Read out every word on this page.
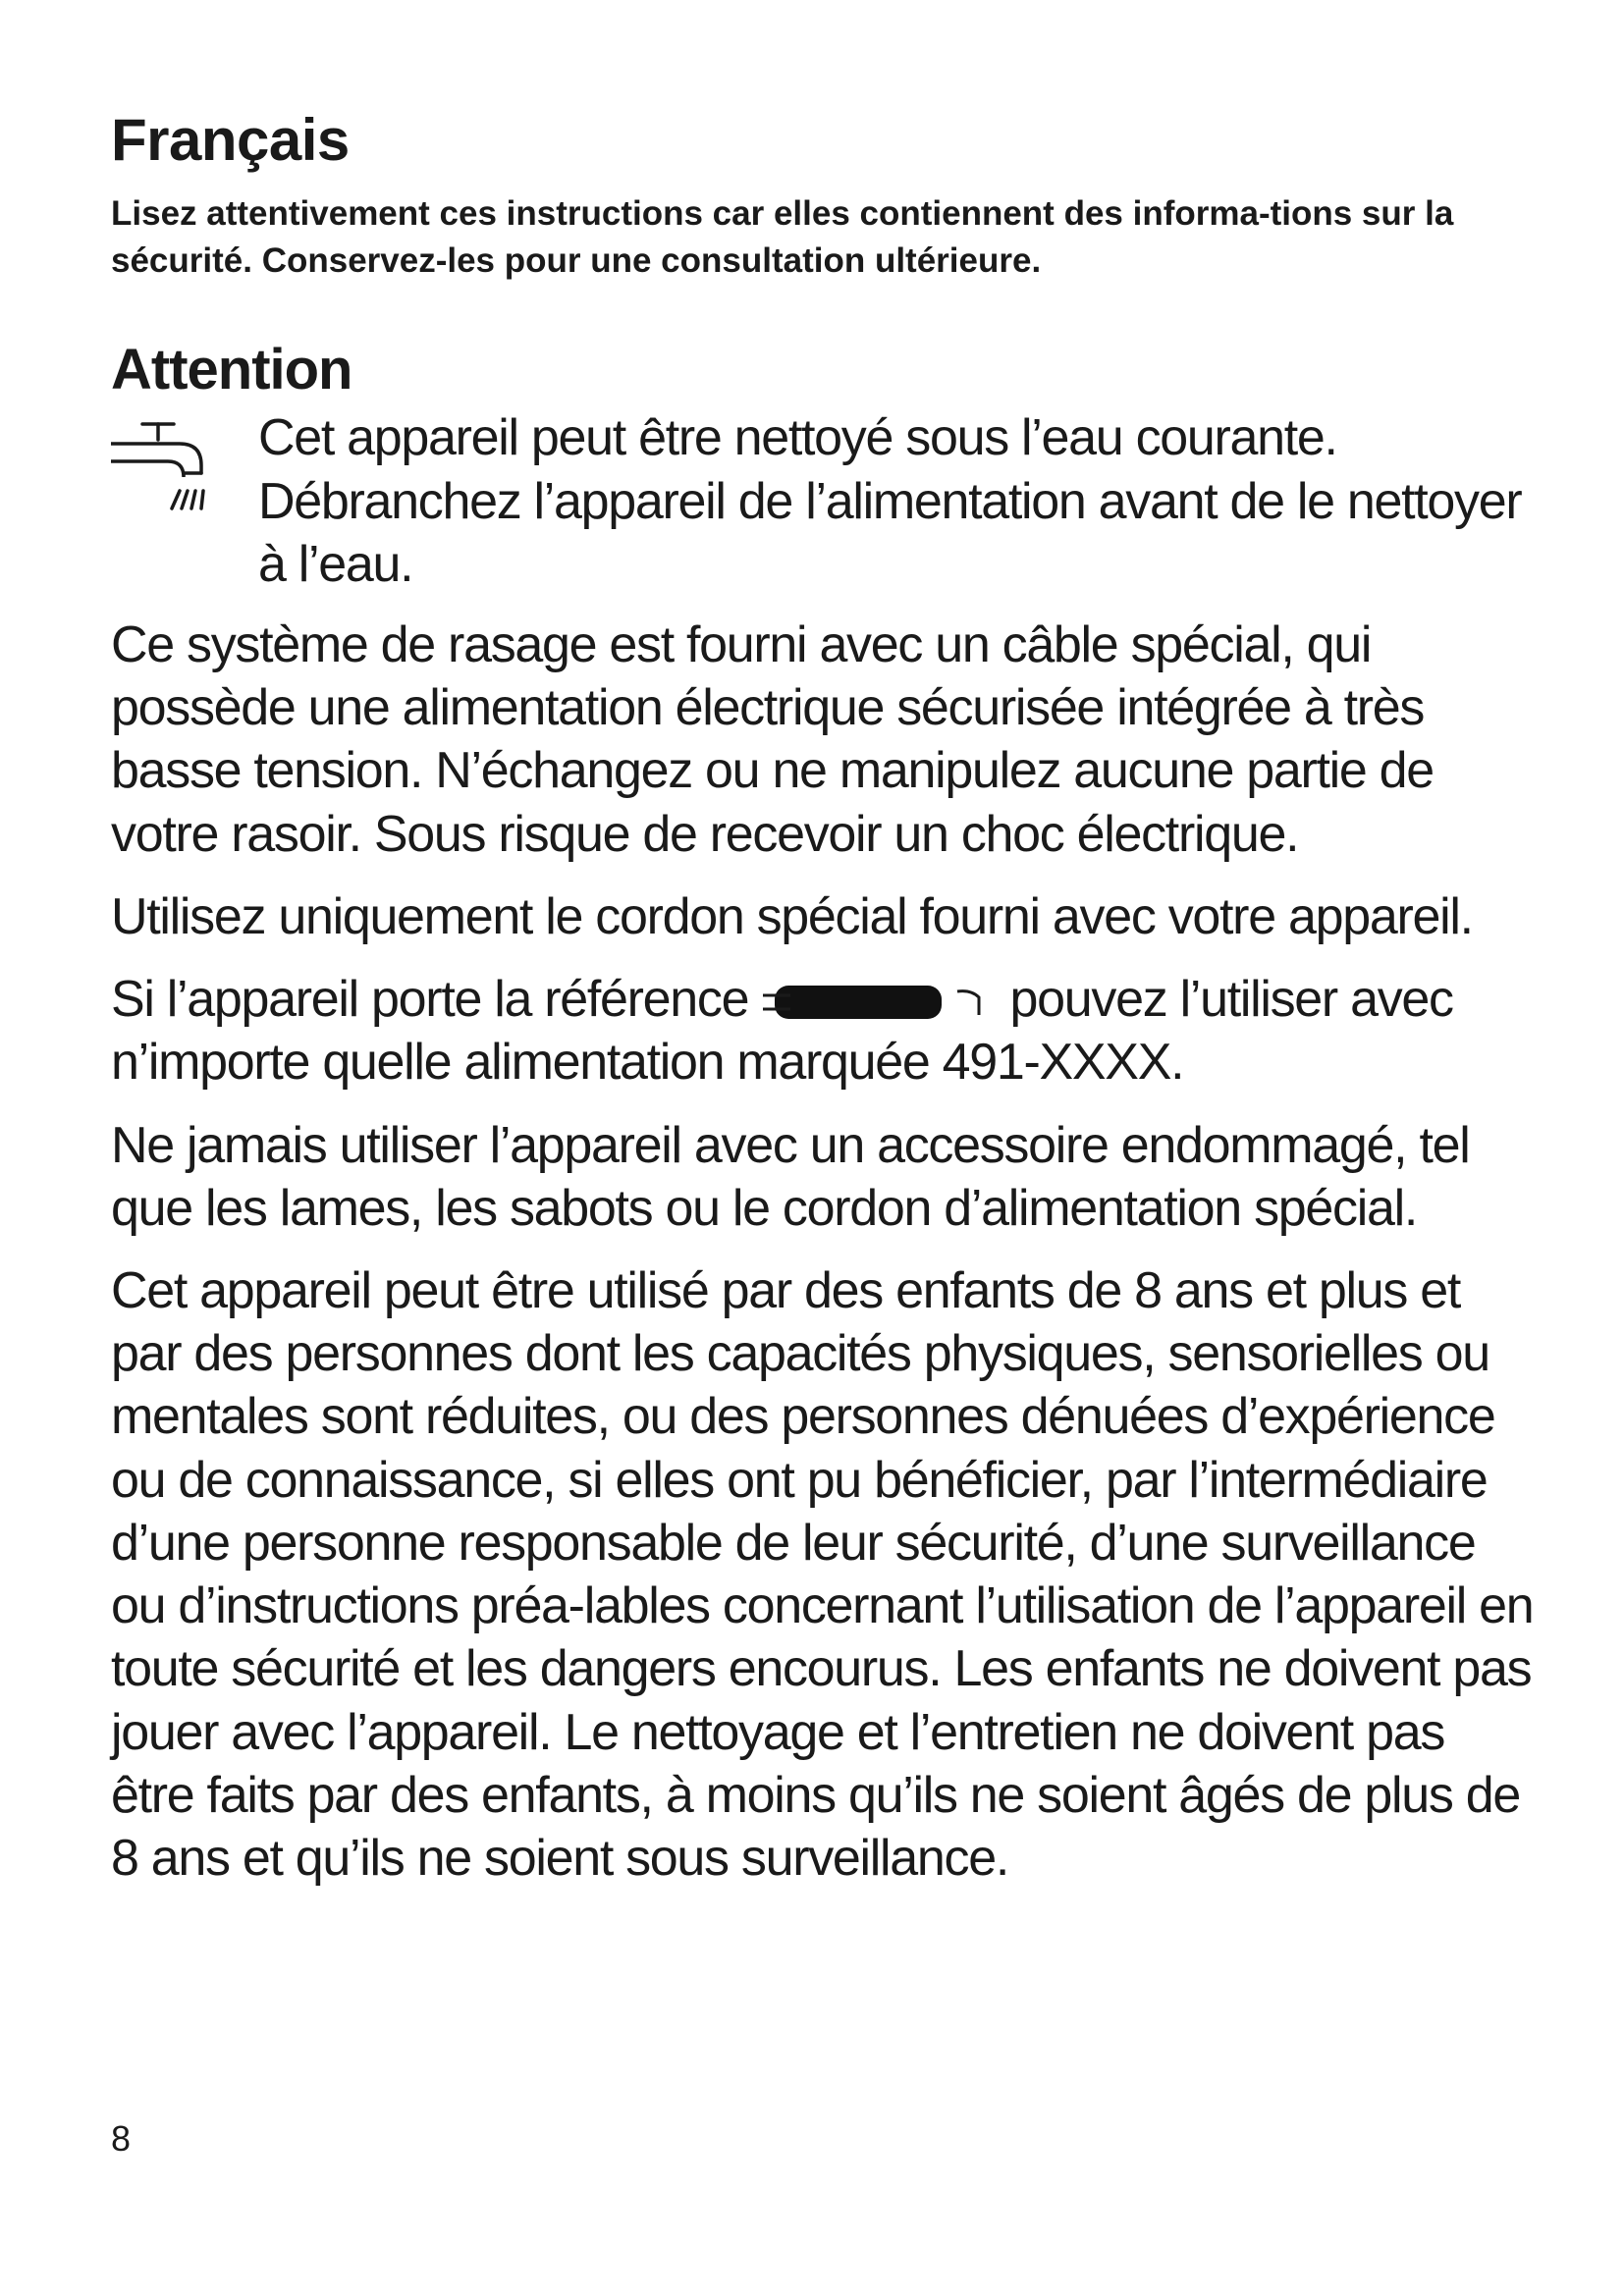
Français

Lisez attentivement ces instructions car elles contiennent des informa-tions sur la sécurité. Conservez-les pour une consultation ultérieure.

Attention
Cet appareil peut être nettoyé sous l’eau courante. Débranchez l’appareil de l’alimentation avant de le nettoyer à l’eau.

Ce système de rasage est fourni avec un câble spécial, qui possède une alimentation électrique sécurisée intégrée à très basse tension. N’échangez ou ne manipulez aucune partie de votre rasoir. Sous risque de recevoir un choc électrique.

Utilisez uniquement le cordon spécial fourni avec votre appareil.

Si l’appareil porte la référence	pouvez l’utiliser avec n’importe quelle alimentation marquée 491-XXXX.

Ne jamais utiliser l’appareil avec un accessoire endommagé, tel que les lames, les sabots ou le cordon d’alimentation spécial.

Cet appareil peut être utilisé par des enfants de 8 ans et plus et par des personnes dont les capacités physiques, sensorielles ou mentales sont réduites, ou des personnes dénuées d’expérience ou de connaissance, si elles ont pu bénéficier, par l’intermédiaire d’une personne responsable de leur sécurité, d’une surveillance ou d’instructions préa-lables concernant l’utilisation de l’appareil en toute sécurité et les dangers encourus. Les enfants ne doivent pas jouer avec l’appareil. Le nettoyage et l’entretien ne doivent pas être faits par des enfants, à moins qu’ils ne soient âgés de plus de 8 ans et qu’ils ne soient sous surveillance.

8
